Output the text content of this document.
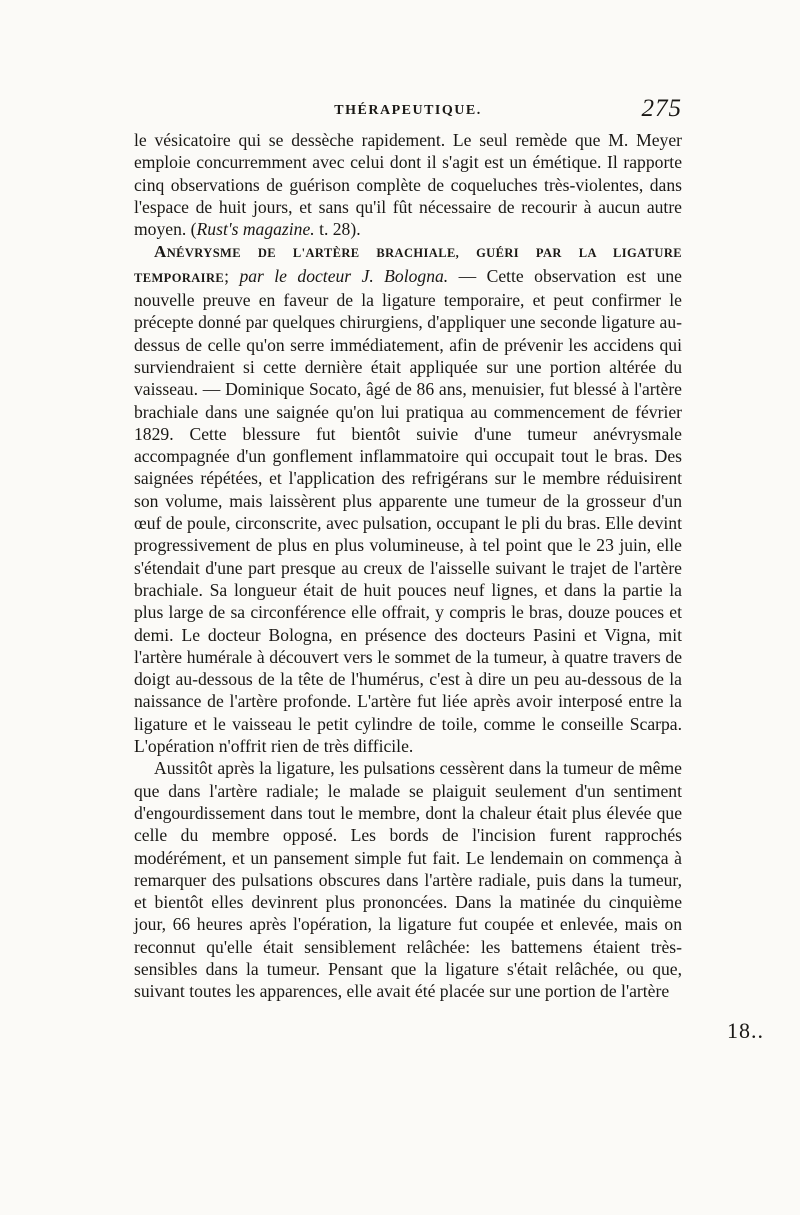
THÉRAPEUTIQUE.	275

le vésicatoire qui se dessèche rapidement. Le seul remède que M. Meyer emploie concurremment avec celui dont il s'agit est un émétique. Il rapporte cinq observations de guérison complète de coqueluches très-violentes, dans l'espace de huit jours, et sans qu'il fût nécessaire de recourir à aucun autre moyen. (Rust's magazine. t. 28).

ANÉVRYSME DE L'ARTÈRE BRACHIALE, GUÉRI PAR LA LIGATURE TEMPORAIRE; par le docteur J. Bologna. — Cette observation est une nouvelle preuve en faveur de la ligature temporaire, et peut confirmer le précepte donné par quelques chirurgiens, d'appliquer une seconde ligature au-dessus de celle qu'on serre immédiatement, afin de prévenir les accidens qui surviendraient si cette dernière était appliquée sur une portion altérée du vaisseau. — Dominique Socato, âgé de 86 ans, menuisier, fut blessé à l'artère brachiale dans une saignée qu'on lui pratiqua au commencement de février 1829. Cette blessure fut bientôt suivie d'une tumeur anévrysmale accompagnée d'un gonflement inflammatoire qui occupait tout le bras. Des saignées répétées, et l'application des refrigérans sur le membre réduisirent son volume, mais laissèrent plus apparente une tumeur de la grosseur d'un œuf de poule, circonscrite, avec pulsation, occupant le pli du bras. Elle devint progressivement de plus en plus volumineuse, à tel point que le 23 juin, elle s'étendait d'une part presque au creux de l'aisselle suivant le trajet de l'artère brachiale. Sa longueur était de huit pouces neuf lignes, et dans la partie la plus large de sa circonférence elle offrait, y compris le bras, douze pouces et demi. Le docteur Bologna, en présence des docteurs Pasini et Vigna, mit l'artère humérale à découvert vers le sommet de la tumeur, à quatre travers de doigt au-dessous de la tête de l'humérus, c'est à dire un peu au-dessous de la naissance de l'artère profonde. L'artère fut liée après avoir interposé entre la ligature et le vaisseau le petit cylindre de toile, comme le conseille Scarpa. L'opération n'offrit rien de très difficile.

Aussitôt après la ligature, les pulsations cessèrent dans la tumeur de même que dans l'artère radiale; le malade se plaiguit seulement d'un sentiment d'engourdissement dans tout le membre, dont la chaleur était plus élevée que celle du membre opposé. Les bords de l'incision furent rapprochés modérément, et un pansement simple fut fait. Le lendemain on commença à remarquer des pulsations obscures dans l'artère radiale, puis dans la tumeur, et bientôt elles devinrent plus prononcées. Dans la matinée du cinquième jour, 66 heures après l'opération, la ligature fut coupée et enlevée, mais on reconnut qu'elle était sensiblement relâchée: les battemens étaient très-sensibles dans la tumeur. Pensant que la ligature s'était relâchée, ou que, suivant toutes les apparences, elle avait été placée sur une portion de l'artère

18..
